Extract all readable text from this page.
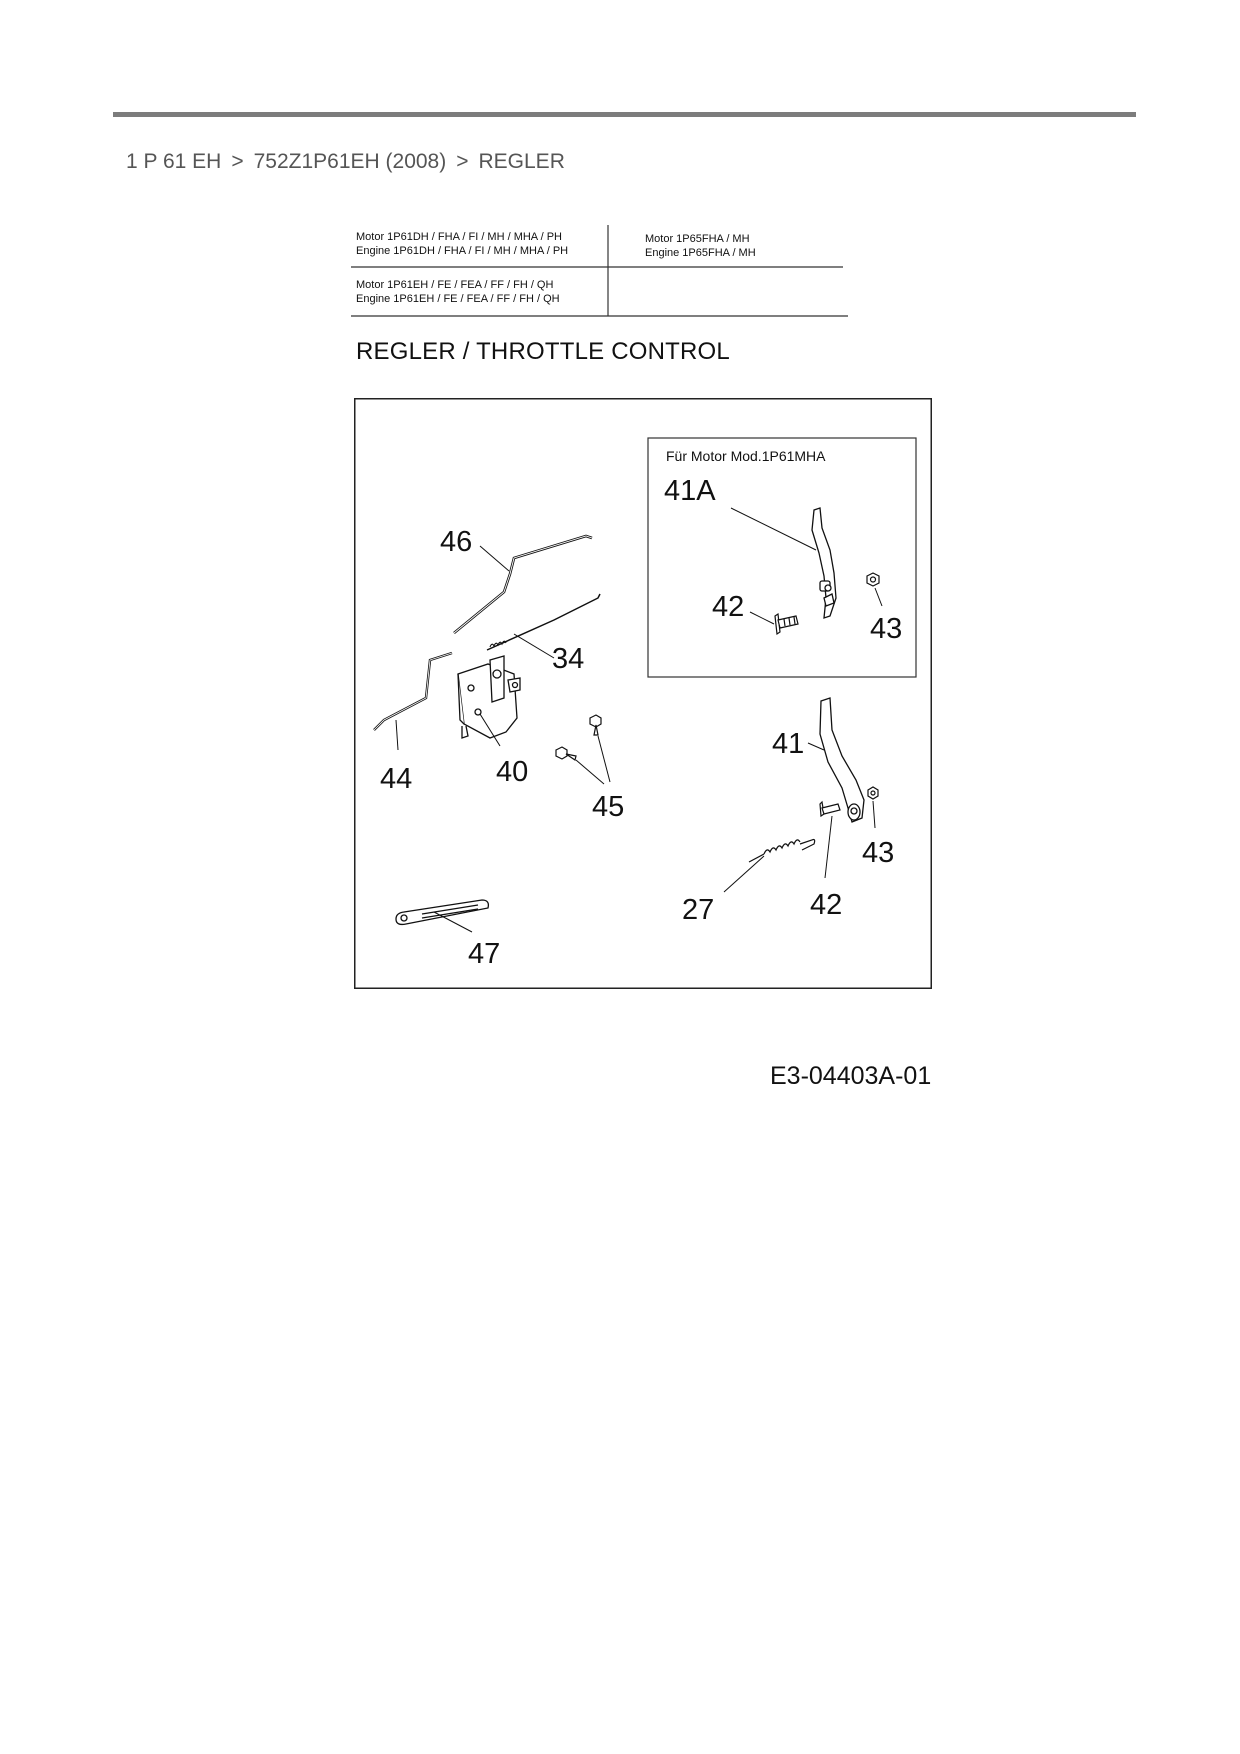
1 P 61 EH > 752Z1P61EH (2008) > REGLER
Motor 1P61DH / FHA / FI / MH / MHA / PH
Engine 1P61DH / FHA / FI / MH / MHA / PH
Motor 1P65FHA / MH
Engine 1P65FHA / MH
Motor 1P61EH / FE / FEA / FF / FH / QH
Engine 1P61EH / FE / FEA / FF / FH / QH
REGLER / THROTTLE CONTROL
Für Motor Mod.1P61MHA
41A
42
43
46
34
44	40
45
41
42
43
27
47
E3-04403A-01
